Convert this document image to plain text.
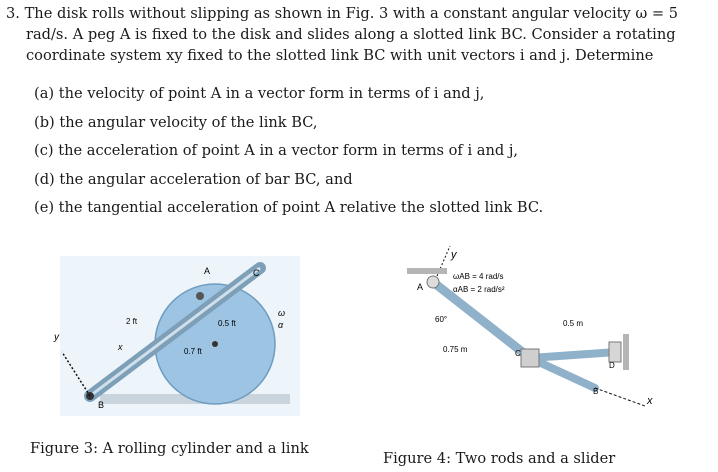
3. The disk rolls without slipping as shown in Fig. 3 with a constant angular velocity ω = 5

rad/s. A peg A is fixed to the disk and slides along a slotted link BC. Consider a rotating

coordinate system xy fixed to the slotted link BC with unit vectors i and j. Determine

(a) the velocity of point A in a vector form in terms of i and j,
(b) the angular velocity of the link BC,
(c) the acceleration of point A in a vector form in terms of i and j,
(d) the angular acceleration of bar BC, and
(e) the tangential acceleration of point A relative the slotted link BC.
A	C
B
x
y
2 ft	0.5 ft
0.7 ft
ω
α
y
x
A
B
C
D
ωAB = 4 rad/s
αAB = 2 rad/s²
60°
0.75 m
0.5 m
Figure 3: A rolling cylinder and a link
Figure 4: Two rods and a slider
